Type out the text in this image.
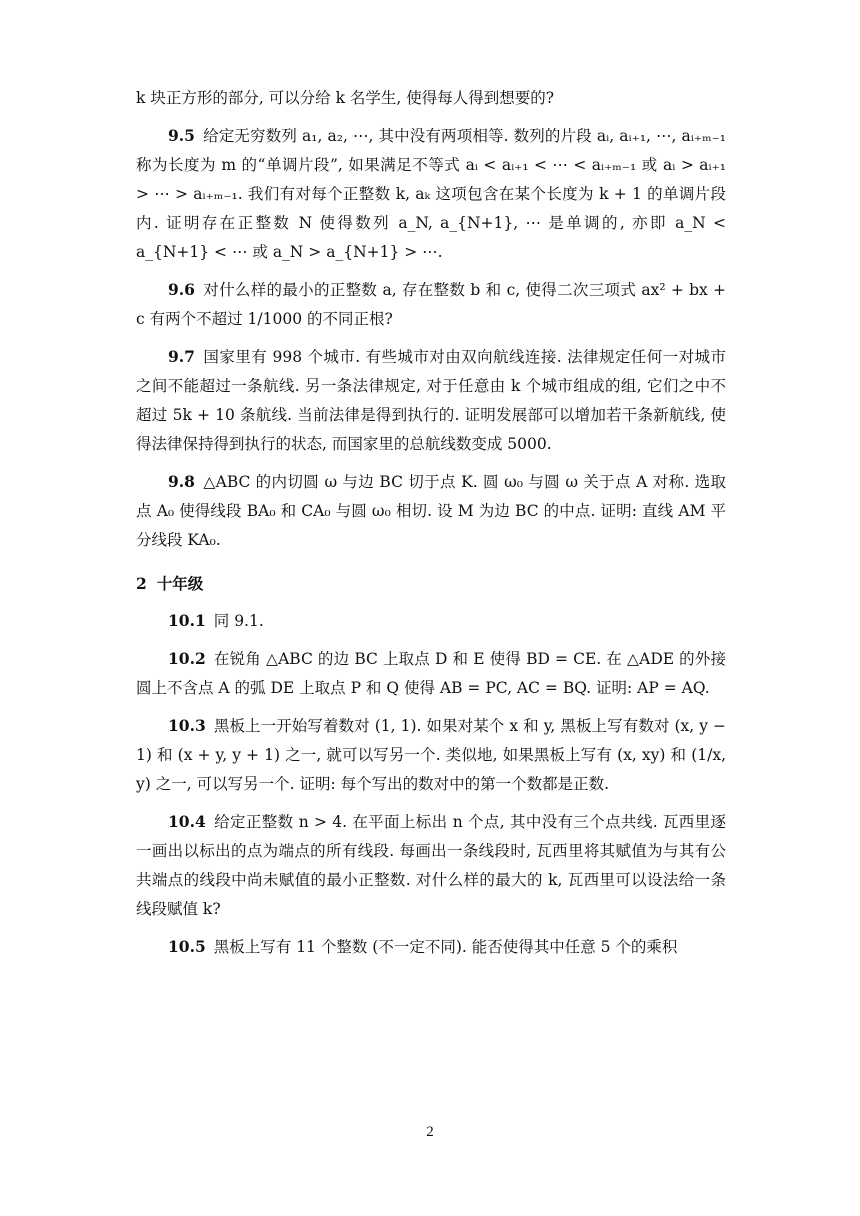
k 块正方形的部分, 可以分给 k 名学生, 使得每人得到想要的?

9.5 给定无穷数列 a₁, a₂, ⋯, 其中没有两项相等. 数列的片段 aᵢ, aᵢ₊₁, ⋯, aᵢ₊ₘ₋₁ 称为长度为 m 的“单调片段”, 如果满足不等式 aᵢ < aᵢ₊₁ < ⋯ < aᵢ₊ₘ₋₁ 或 aᵢ > aᵢ₊₁ > ⋯ > aᵢ₊ₘ₋₁. 我们有对每个正整数 k, aₖ 这项包含在某个长度为 k + 1 的单调片段内. 证明存在正整数 N 使得数列 a_N, a_{N+1}, ⋯ 是单调的, 亦即 a_N < a_{N+1} < ⋯ 或 a_N > a_{N+1} > ⋯.

9.6 对什么样的最小的正整数 a, 存在整数 b 和 c, 使得二次三项式 ax² + bx + c 有两个不超过 1/1000 的不同正根?

9.7 国家里有 998 个城市. 有些城市对由双向航线连接. 法律规定任何一对城市之间不能超过一条航线. 另一条法律规定, 对于任意由 k 个城市组成的组, 它们之中不超过 5k + 10 条航线. 当前法律是得到执行的. 证明发展部可以增加若干条新航线, 使得法律保持得到执行的状态, 而国家里的总航线数变成 5000.

9.8 △ABC 的内切圆 ω 与边 BC 切于点 K. 圆 ω₀ 与圆 ω 关于点 A 对称. 选取点 A₀ 使得线段 BA₀ 和 CA₀ 与圆 ω₀ 相切. 设 M 为边 BC 的中点. 证明: 直线 AM 平分线段 KA₀.

2 十年级

10.1 同 9.1.

10.2 在锐角 △ABC 的边 BC 上取点 D 和 E 使得 BD = CE. 在 △ADE 的外接圆上不含点 A 的弧 DE 上取点 P 和 Q 使得 AB = PC, AC = BQ. 证明: AP = AQ.

10.3 黑板上一开始写着数对 (1, 1). 如果对某个 x 和 y, 黑板上写有数对 (x, y − 1) 和 (x + y, y + 1) 之一, 就可以写另一个. 类似地, 如果黑板上写有 (x, xy) 和 (1/x, y) 之一, 可以写另一个. 证明: 每个写出的数对中的第一个数都是正数.

10.4 给定正整数 n > 4. 在平面上标出 n 个点, 其中没有三个点共线. 瓦西里逐一画出以标出的点为端点的所有线段. 每画出一条线段时, 瓦西里将其赋值为与其有公共端点的线段中尚未赋值的最小正整数. 对什么样的最大的 k, 瓦西里可以设法给一条线段赋值 k?

10.5 黑板上写有 11 个整数 (不一定不同). 能否使得其中任意 5 个的乘积

2
